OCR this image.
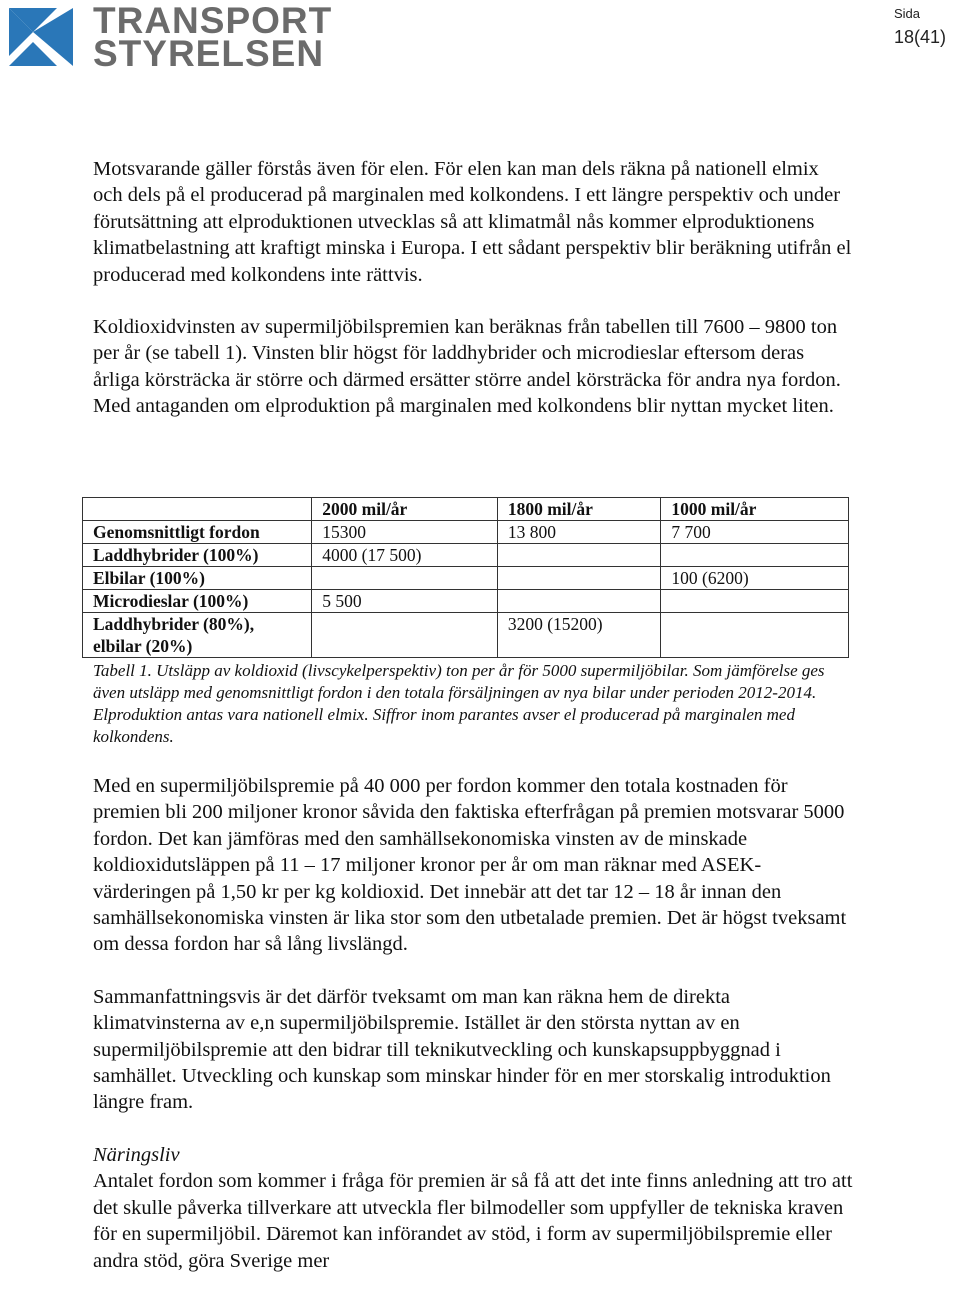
TRANSPORT
STYRELSEN
Sida
18(41)

Motsvarande gäller förstås även för elen. För elen kan man dels räkna på nationell elmix och dels på el producerad på marginalen med kolkondens. I ett längre perspektiv och under förutsättning att elproduktionen utvecklas så att klimatmål nås kommer elproduktionens klimatbelastning att kraftigt minska i Europa. I ett sådant perspektiv blir beräkning utifrån el producerad med kolkondens inte rättvis.

Koldioxidvinsten av supermiljöbilspremien kan beräknas från tabellen till 7600 – 9800 ton per år (se tabell 1). Vinsten blir högst för laddhybrider och microdieslar eftersom deras årliga körsträcka är större och därmed ersätter större andel körsträcka för andra nya fordon. Med antaganden om elproduktion på marginalen med kolkondens blir nyttan mycket liten.

	2000 mil/år	1800 mil/år	1000 mil/år
Genomsnittligt fordon	15300	13 800	7 700
Laddhybrider (100%)	4000 (17 500)		
Elbilar (100%)			100 (6200)
Microdieslar (100%)	5 500		
Laddhybrider (80%),
elbilar (20%)		3200 (15200)	
Tabell 1. Utsläpp av koldioxid (livscykelperspektiv) ton per år för 5000 supermiljöbilar. Som jämförelse ges även utsläpp med genomsnittligt fordon i den totala försäljningen av nya bilar under perioden 2012-2014. Elproduktion antas vara nationell elmix. Siffror inom parantes avser el producerad på marginalen med kolkondens.

Med en supermiljöbilspremie på 40 000 per fordon kommer den totala kostnaden för premien bli 200 miljoner kronor såvida den faktiska efterfrågan på premien motsvarar 5000 fordon. Det kan jämföras med den samhällsekonomiska vinsten av de minskade koldioxidutsläppen på 11 – 17 miljoner kronor per år om man räknar med ASEK-värderingen på 1,50 kr per kg koldioxid. Det innebär att det tar 12 – 18 år innan den samhällsekonomiska vinsten är lika stor som den utbetalade premien. Det är högst tveksamt om dessa fordon har så lång livslängd.

Sammanfattningsvis är det därför tveksamt om man kan räkna hem de direkta klimatvinsterna av e,n supermiljöbilspremie. Istället är den största nyttan av en supermiljöbilspremie att den bidrar till teknikutveckling och kunskapsuppbyggnad i samhället. Utveckling och kunskap som minskar hinder för en mer storskalig introduktion längre fram.

Näringsliv

Antalet fordon som kommer i fråga för premien är så få att det inte finns anledning att tro att det skulle påverka tillverkare att utveckla fler bilmodeller som uppfyller de tekniska kraven för en supermiljöbil. Däremot kan införandet av stöd, i form av supermiljöbilspremie eller andra stöd, göra Sverige mer
